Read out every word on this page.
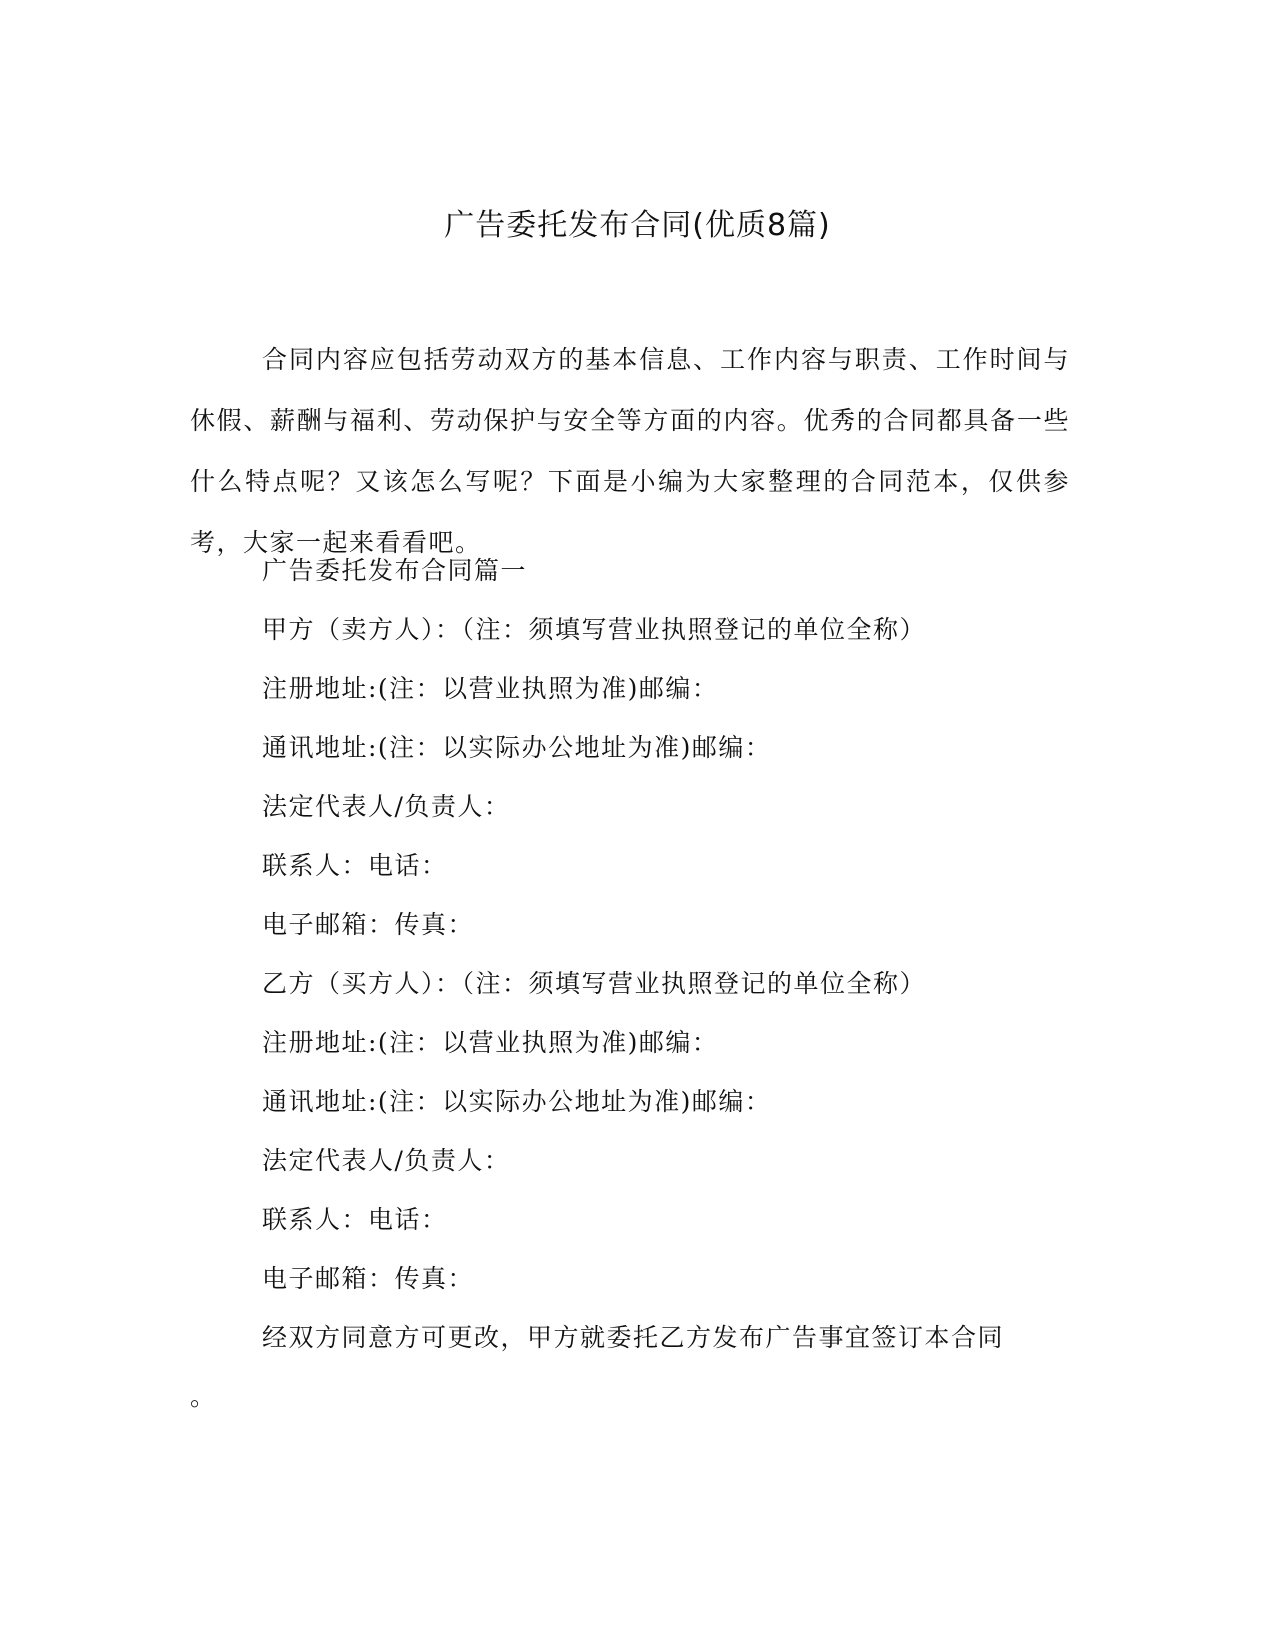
广告委托发布合同(优质8篇)

合同内容应包括劳动双方的基本信息、工作内容与职责、工作时间与休假、薪酬与福利、劳动保护与安全等方面的内容。优秀的合同都具备一些什么特点呢？又该怎么写呢？下面是小编为大家整理的合同范本，仅供参考，大家一起来看看吧。

广告委托发布合同篇一

甲方（卖方人）：（注：须填写营业执照登记的单位全称）

注册地址:(注：以营业执照为准)邮编：

通讯地址:(注：以实际办公地址为准)邮编：

法定代表人/负责人：

联系人：电话：

电子邮箱：传真：

乙方（买方人）：（注：须填写营业执照登记的单位全称）

注册地址:(注：以营业执照为准)邮编：

通讯地址:(注：以实际办公地址为准)邮编：

法定代表人/负责人：

联系人：电话：

电子邮箱：传真：

经双方同意方可更改，甲方就委托乙方发布广告事宜签订本合同

。
